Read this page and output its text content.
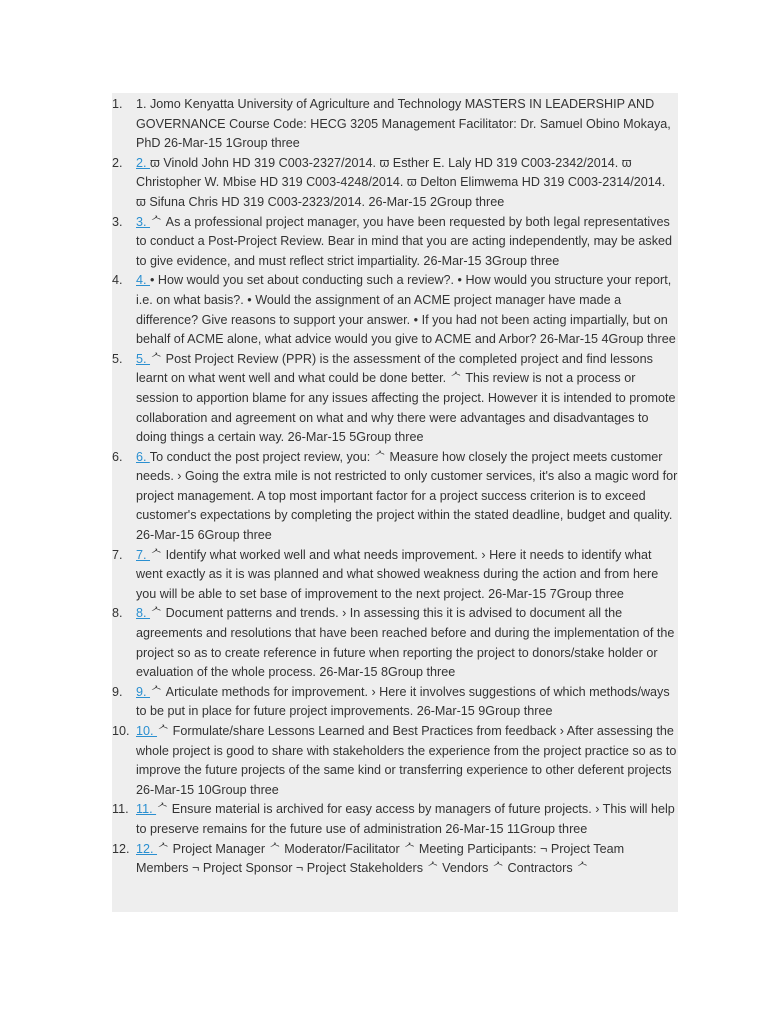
1.	1. Jomo Kenyatta University of Agriculture and Technology MASTERS IN LEADERSHIP AND GOVERNANCE Course Code: HECG 3205 Management Facilitator: Dr. Samuel Obino Mokaya, PhD 26-Mar-15 1Group three
2.	2. ϖ Vinold John HD 319 C003-2327/2014. ϖ Esther E. Laly HD 319 C003-2342/2014. ϖ Christopher W. Mbise HD 319 C003-4248/2014. ϖ Delton Elimwema HD 319 C003-2314/2014. ϖ Sifuna Chris HD 319 C003-2323/2014. 26-Mar-15 2Group three
3.	3. ᄉ As a professional project manager, you have been requested by both legal representatives to conduct a Post-Project Review. Bear in mind that you are acting independently, may be asked to give evidence, and must reflect strict impartiality. 26-Mar-15 3Group three
4.	4. • How would you set about conducting such a review?. • How would you structure your report, i.e. on what basis?. • Would the assignment of an ACME project manager have made a difference? Give reasons to support your answer. • If you had not been acting impartially, but on behalf of ACME alone, what advice would you give to ACME and Arbor? 26-Mar-15 4Group three
5.	5. ᄉ Post Project Review (PPR) is the assessment of the completed project and find lessons learnt on what went well and what could be done better. ᄉ This review is not a process or session to apportion blame for any issues affecting the project. However it is intended to promote collaboration and agreement on what and why there were advantages and disadvantages to doing things a certain way. 26-Mar-15 5Group three
6.	6. To conduct the post project review, you: ᄉ Measure how closely the project meets customer needs. › Going the extra mile is not restricted to only customer services, it's also a magic word for project management. A top most important factor for a project success criterion is to exceed customer's expectations by completing the project within the stated deadline, budget and quality. 26-Mar-15 6Group three
7.	7. ᄉ Identify what worked well and what needs improvement. › Here it needs to identify what went exactly as it is was planned and what showed weakness during the action and from here you will be able to set base of improvement to the next project. 26-Mar-15 7Group three
8.	8. ᄉ Document patterns and trends. › In assessing this it is advised to document all the agreements and resolutions that have been reached before and during the implementation of the project so as to create reference in future when reporting the project to donors/stake holder or evaluation of the whole process. 26-Mar-15 8Group three
9.	9. ᄉ Articulate methods for improvement. › Here it involves suggestions of which methods/ways to be put in place for future project improvements. 26-Mar-15 9Group three
10. 10. ᄉ Formulate/share Lessons Learned and Best Practices from feedback › After assessing the whole project is good to share with stakeholders the experience from the project practice so as to improve the future projects of the same kind or transferring experience to other deferent projects 26-Mar-15 10Group three
11. 11. ᄉ Ensure material is archived for easy access by managers of future projects. › This will help to preserve remains for the future use of administration 26-Mar-15 11Group three
12. 12. ᄉ Project Manager ᄉ Moderator/Facilitator ᄉ Meeting Participants: ¬ Project Team Members ¬ Project Sponsor ¬ Project Stakeholders ᄉ Vendors ᄉ Contractors ᄉ
